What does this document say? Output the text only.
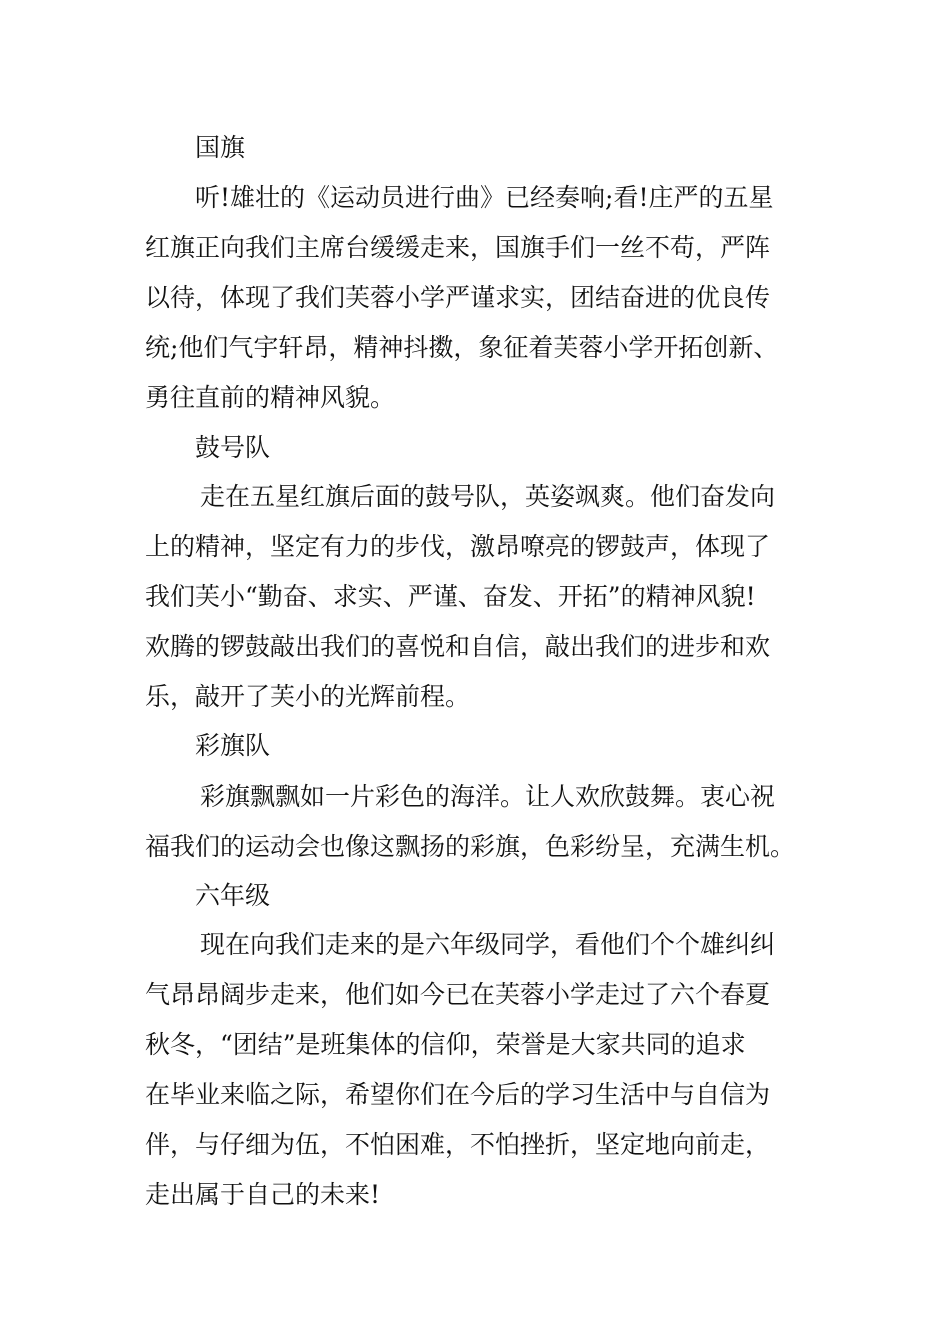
国旗
听!雄壮的《运动员进行曲》已经奏响;看!庄严的五星
红旗正向我们主席台缓缓走来，国旗手们一丝不苟，严阵
以待，体现了我们芙蓉小学严谨求实，团结奋进的优良传
统;他们气宇轩昂，精神抖擞，象征着芙蓉小学开拓创新、
勇往直前的精神风貌。
鼓号队
走在五星红旗后面的鼓号队，英姿飒爽。他们奋发向
上的精神，坚定有力的步伐，激昂嘹亮的锣鼓声，体现了
我们芙小“勤奋、求实、严谨、奋发、开拓”的精神风貌!
欢腾的锣鼓敲出我们的喜悦和自信，敲出我们的进步和欢
乐，敲开了芙小的光辉前程。
彩旗队
彩旗飘飘如一片彩色的海洋。让人欢欣鼓舞。衷心祝
福我们的运动会也像这飘扬的彩旗，色彩纷呈，充满生机。
六年级
现在向我们走来的是六年级同学，看他们个个雄纠纠
气昂昂阔步走来，他们如今已在芙蓉小学走过了六个春夏
秋冬，“团结”是班集体的信仰，荣誉是大家共同的追求
在毕业来临之际，希望你们在今后的学习生活中与自信为
伴，与仔细为伍，不怕困难，不怕挫折，坚定地向前走，
走出属于自己的未来!
